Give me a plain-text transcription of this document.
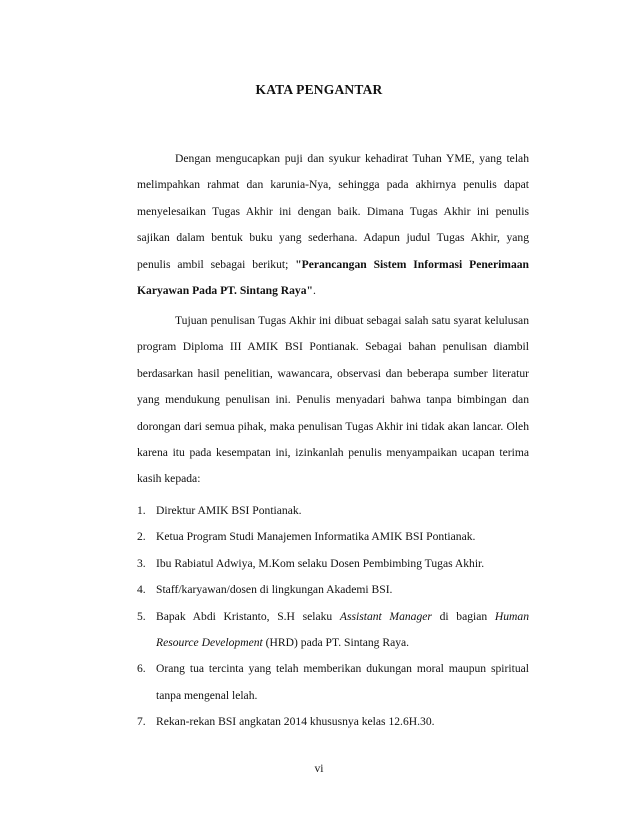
KATA PENGANTAR

Dengan mengucapkan puji dan syukur kehadirat Tuhan YME, yang telah melimpahkan rahmat dan karunia-Nya, sehingga pada akhirnya penulis dapat menyelesaikan Tugas Akhir ini dengan baik. Dimana Tugas Akhir ini penulis sajikan dalam bentuk buku yang sederhana. Adapun judul Tugas Akhir, yang penulis ambil sebagai berikut; "Perancangan Sistem Informasi Penerimaan Karyawan Pada PT. Sintang Raya".

Tujuan penulisan Tugas Akhir ini dibuat sebagai salah satu syarat kelulusan program Diploma III AMIK BSI Pontianak. Sebagai bahan penulisan diambil berdasarkan hasil penelitian, wawancara, observasi dan beberapa sumber literatur yang mendukung penulisan ini. Penulis menyadari bahwa tanpa bimbingan dan dorongan dari semua pihak, maka penulisan Tugas Akhir ini tidak akan lancar. Oleh karena itu pada kesempatan ini, izinkanlah penulis menyampaikan ucapan terima kasih kepada:

1. Direktur AMIK BSI Pontianak.
2. Ketua Program Studi Manajemen Informatika AMIK BSI Pontianak.
3. Ibu Rabiatul Adwiya, M.Kom selaku Dosen Pembimbing Tugas Akhir.
4. Staff/karyawan/dosen di lingkungan Akademi BSI.
5. Bapak Abdi Kristanto, S.H selaku Assistant Manager di bagian Human Resource Development (HRD) pada PT. Sintang Raya.
6. Orang tua tercinta yang telah memberikan dukungan moral maupun spiritual tanpa mengenal lelah.
7. Rekan-rekan BSI angkatan 2014 khususnya kelas 12.6H.30.
vi
